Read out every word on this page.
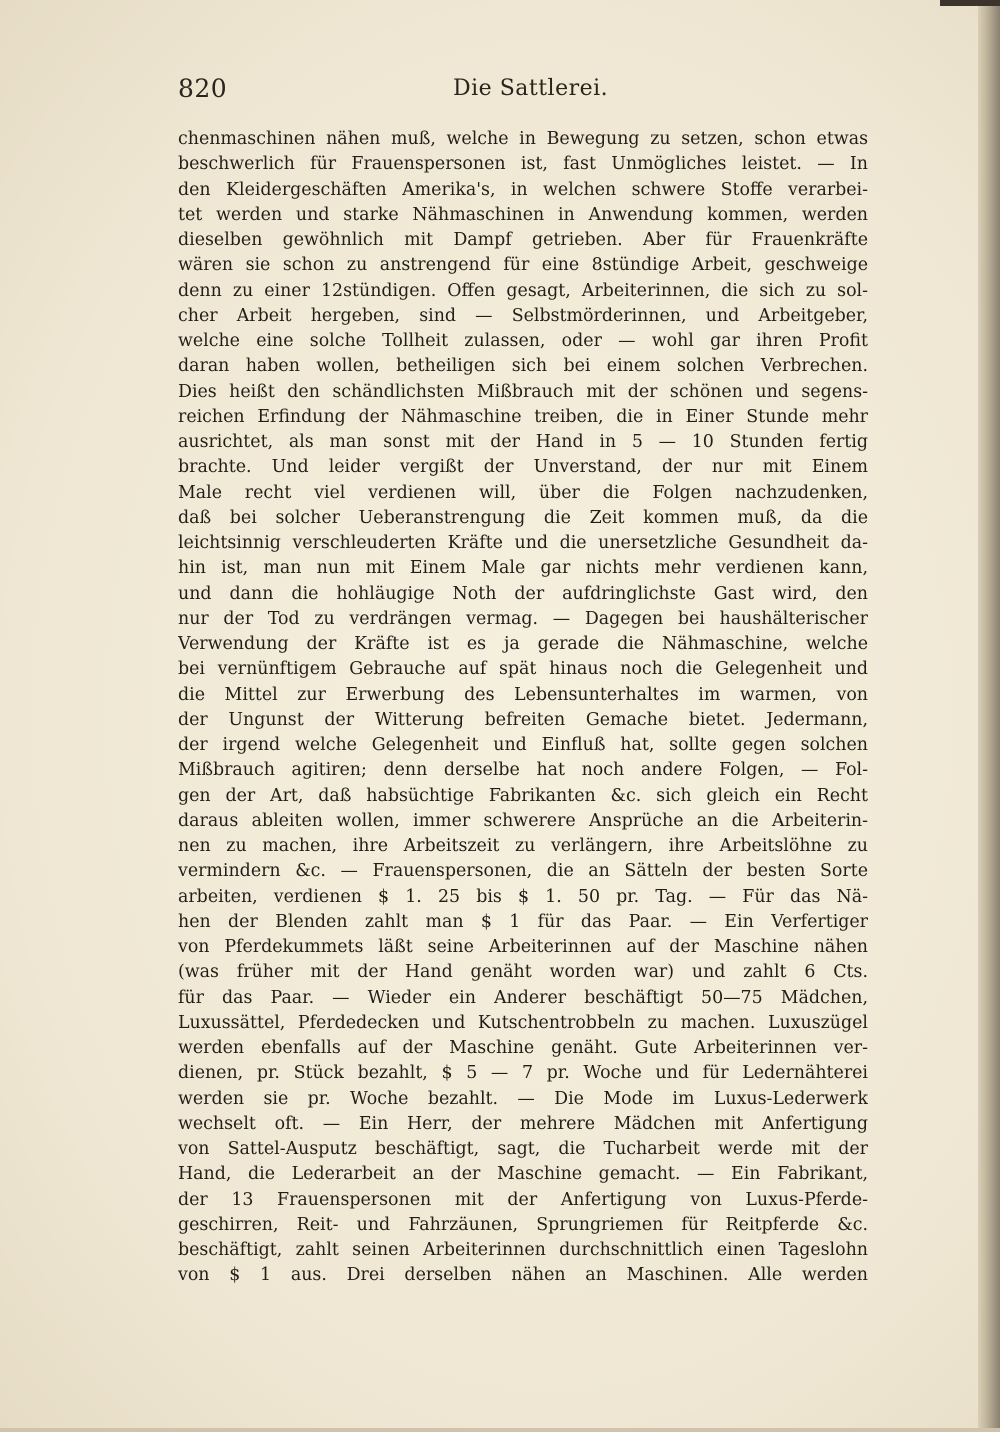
820	Die Sattlerei.
chenmaschinen nähen muß, welche in Bewegung zu setzen, schon etwas
beschwerlich für Frauenspersonen ist, fast Unmögliches leistet. — In
den Kleidergeschäften Amerika's, in welchen schwere Stoffe verarbei-
tet werden und starke Nähmaschinen in Anwendung kommen, werden
dieselben gewöhnlich mit Dampf getrieben. Aber für Frauenkräfte
wären sie schon zu anstrengend für eine 8stündige Arbeit, geschweige
denn zu einer 12stündigen. Offen gesagt, Arbeiterinnen, die sich zu sol-
cher Arbeit hergeben, sind — Selbstmörderinnen, und Arbeitgeber,
welche eine solche Tollheit zulassen, oder — wohl gar ihren Profit
daran haben wollen, betheiligen sich bei einem solchen Verbrechen.
Dies heißt den schändlichsten Mißbrauch mit der schönen und segens-
reichen Erfindung der Nähmaschine treiben, die in Einer Stunde mehr
ausrichtet, als man sonst mit der Hand in 5 — 10 Stunden fertig
brachte. Und leider vergißt der Unverstand, der nur mit Einem
Male recht viel verdienen will, über die Folgen nachzudenken,
daß bei solcher Ueberanstrengung die Zeit kommen muß, da die
leichtsinnig verschleuderten Kräfte und die unersetzliche Gesundheit da-
hin ist, man nun mit Einem Male gar nichts mehr verdienen kann,
und dann die hohläugige Noth der aufdringlichste Gast wird, den
nur der Tod zu verdrängen vermag. — Dagegen bei haushälterischer
Verwendung der Kräfte ist es ja gerade die Nähmaschine, welche
bei vernünftigem Gebrauche auf spät hinaus noch die Gelegenheit und
die Mittel zur Erwerbung des Lebensunterhaltes im warmen, von
der Ungunst der Witterung befreiten Gemache bietet. Jedermann,
der irgend welche Gelegenheit und Einfluß hat, sollte gegen solchen
Mißbrauch agitiren; denn derselbe hat noch andere Folgen, — Fol-
gen der Art, daß habsüchtige Fabrikanten &c. sich gleich ein Recht
daraus ableiten wollen, immer schwerere Ansprüche an die Arbeiterin-
nen zu machen, ihre Arbeitszeit zu verlängern, ihre Arbeitslöhne zu
vermindern &c. — Frauenspersonen, die an Sätteln der besten Sorte
arbeiten, verdienen $ 1. 25 bis $ 1. 50 pr. Tag. — Für das Nä-
hen der Blenden zahlt man $ 1 für das Paar. — Ein Verfertiger
von Pferdekummets läßt seine Arbeiterinnen auf der Maschine nähen
(was früher mit der Hand genäht worden war) und zahlt 6 Cts.
für das Paar. — Wieder ein Anderer beschäftigt 50—75 Mädchen,
Luxussättel, Pferdedecken und Kutschentrobbeln zu machen. Luxuszügel
werden ebenfalls auf der Maschine genäht. Gute Arbeiterinnen ver-
dienen, pr. Stück bezahlt, $ 5 — 7 pr. Woche und für Ledernähterei
werden sie pr. Woche bezahlt. — Die Mode im Luxus-Lederwerk
wechselt oft. — Ein Herr, der mehrere Mädchen mit Anfertigung
von Sattel-Ausputz beschäftigt, sagt, die Tucharbeit werde mit der
Hand, die Lederarbeit an der Maschine gemacht. — Ein Fabrikant,
der 13 Frauenspersonen mit der Anfertigung von Luxus-Pferde-
geschirren, Reit- und Fahrzäunen, Sprungriemen für Reitpferde &c.
beschäftigt, zahlt seinen Arbeiterinnen durchschnittlich einen Tageslohn
von $ 1 aus. Drei derselben nähen an Maschinen. Alle werden
